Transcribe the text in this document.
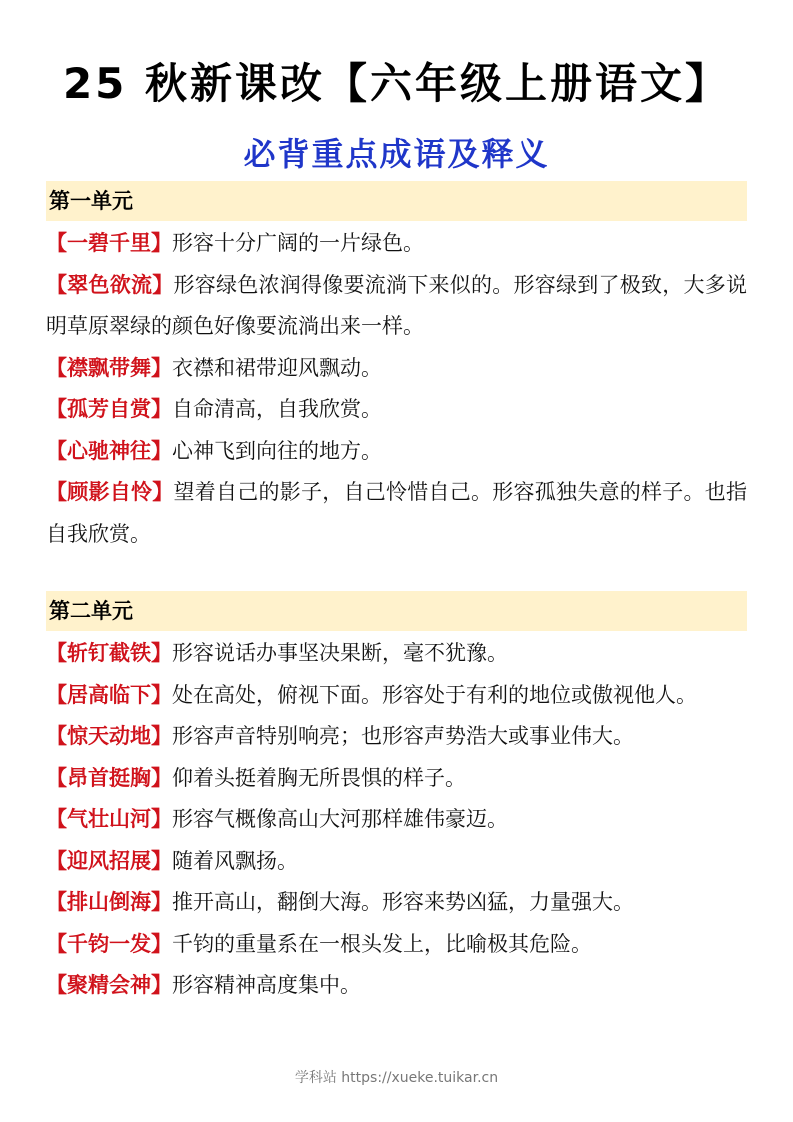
25 秋新课改【六年级上册语文】
必背重点成语及释义
第一单元
【一碧千里】形容十分广阔的一片绿色。
【翠色欲流】形容绿色浓润得像要流淌下来似的。形容绿到了极致，大多说明草原翠绿的颜色好像要流淌出来一样。
【襟飘带舞】衣襟和裙带迎风飘动。
【孤芳自赏】自命清高，自我欣赏。
【心驰神往】心神飞到向往的地方。
【顾影自怜】望着自己的影子，自己怜惜自己。形容孤独失意的样子。也指自我欣赏。
第二单元
【斩钉截铁】形容说话办事坚决果断，毫不犹豫。
【居高临下】处在高处，俯视下面。形容处于有利的地位或傲视他人。
【惊天动地】形容声音特别响亮；也形容声势浩大或事业伟大。
【昂首挺胸】仰着头挺着胸无所畏惧的样子。
【气壮山河】形容气概像高山大河那样雄伟豪迈。
【迎风招展】随着风飘扬。
【排山倒海】推开高山，翻倒大海。形容来势凶猛，力量强大。
【千钧一发】千钧的重量系在一根头发上，比喻极其危险。
【聚精会神】形容精神高度集中。
学科站 https://xueke.tuikar.cn
